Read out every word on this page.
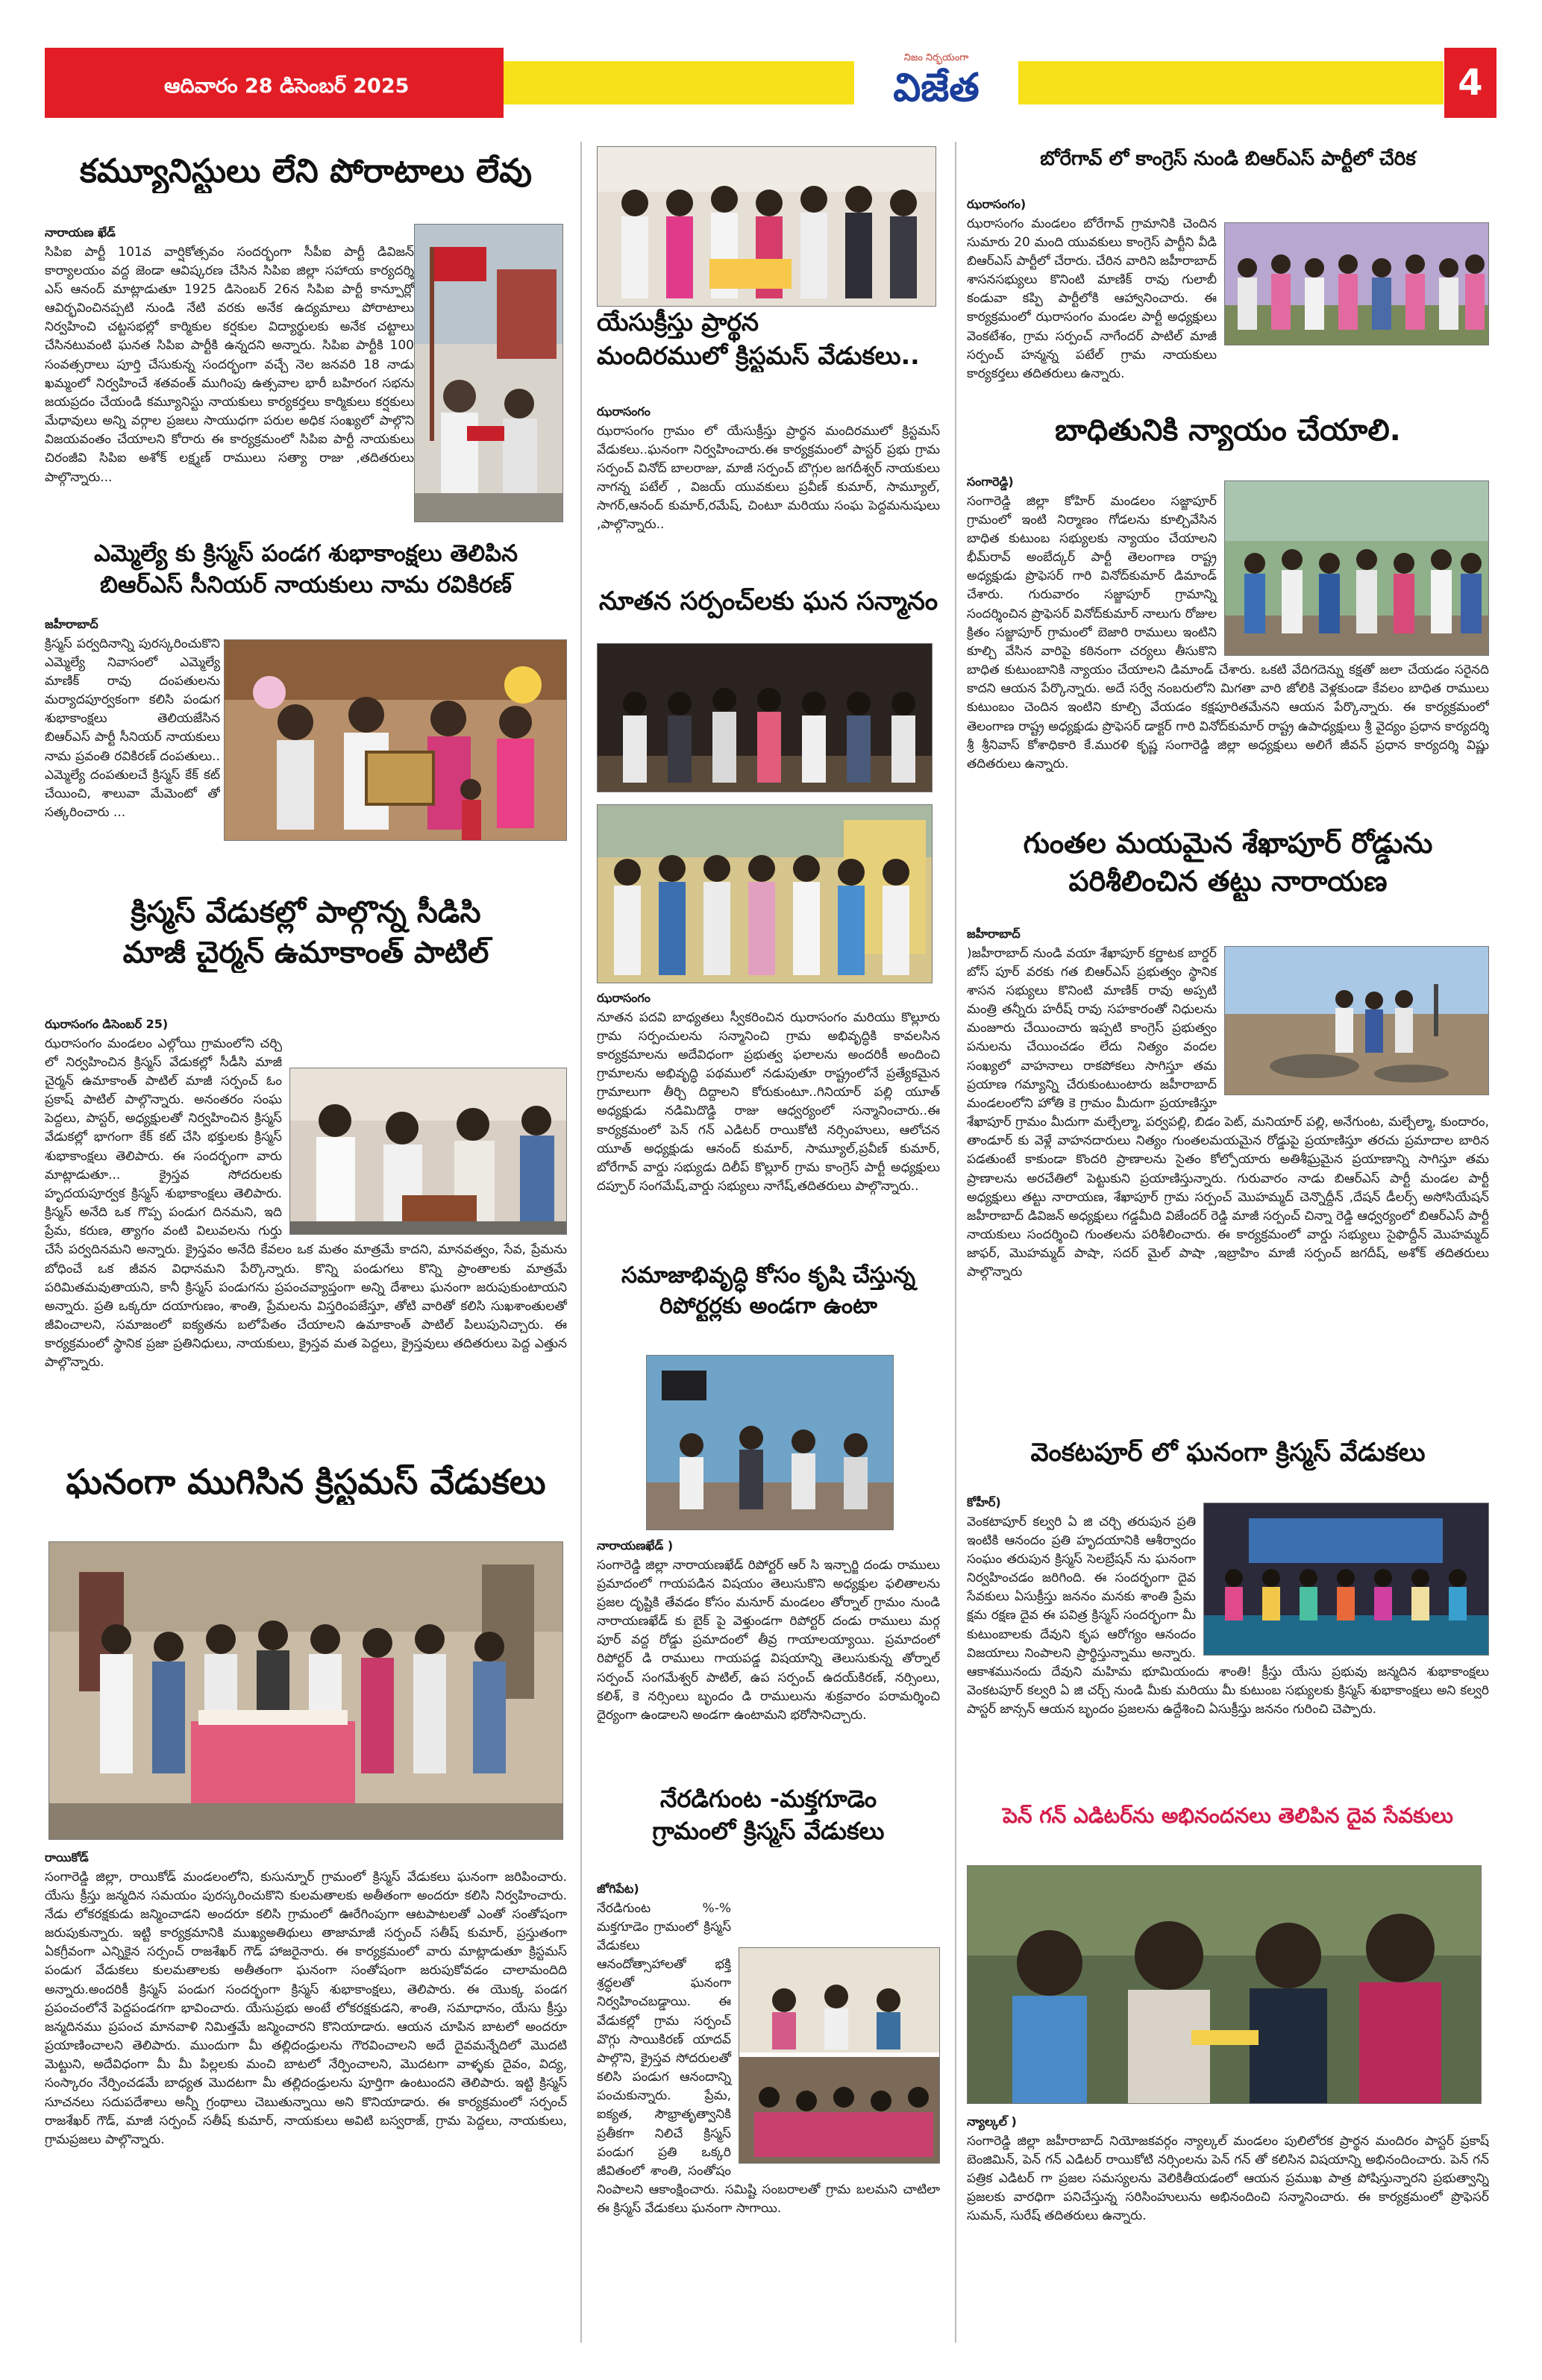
ఆదివారం 28 డిసెంబర్ 2025
నిజం నిర్భయంగా
విజేత	4
కమ్యూనిస్టులు లేని పోరాటాలు లేవు
నారాయణ ఖేడ్
సిపిఐ పార్టీ 101వ వార్షికోత్సవం సందర్భంగా సీపీఐ పార్టీ డివిజన్ కార్యాలయం వద్ద జెండా ఆవిష్కరణ చేసిన సిపిఐ జిల్లా సహాయ కార్యదర్శి ఎస్ ఆనంద్ మాట్లాడుతూ 1925 డిసెంబర్ 26న సిపిఐ పార్టీ కాన్పూర్లో ఆవిర్భవించినప్పటి నుండి నేటి వరకు అనేక ఉద్యమాలు పోరాటాలు నిర్వహించి చట్టసభల్లో కార్మికుల కర్షకుల విద్యార్థులకు అనేక చట్టాలు చేసినటువంటి ఘనత సిపిఐ పార్టీకి ఉన్నదని అన్నారు. సిపిఐ పార్టీకి 100 సంవత్సరాలు పూర్తి చేసుకున్న సందర్భంగా వచ్చే నెల జనవరి 18 నాడు ఖమ్మంలో నిర్వహించే శతవంత్ ముగింపు ఉత్సవాల భారీ బహిరంగ సభను జయప్రదం చేయండి కమ్యూనిస్టు నాయకులు కార్యకర్తలు కార్మికులు కర్షకులు మేధావులు అన్ని వర్గాల ప్రజలు సాయుధగా పరుల అధిక సంఖ్యలో పాల్గొని విజయవంతం చేయాలని కోరారు ఈ కార్యక్రమంలో సిపిఐ పార్టీ నాయకులు చిరంజీవి సిపిఐ అశోక్ లక్ష్మణ్ రాములు సత్యా రాజు ,తదితరులు పాల్గొన్నారు...
ఎమ్మెల్యే కు క్రిస్మస్ పండగ శుభాకాంక్షలు తెలిపిన
బిఆర్ఎస్ సీనియర్ నాయకులు నామ రవికిరణ్
జహీరాబాద్
క్రిస్మస్ పర్వదినాన్ని పురస్కరించుకొని ఎమ్మెల్యే నివాసంలో ఎమ్మెల్యే మాణిక్ రావు దంపతులను మర్యాదపూర్వకంగా కలిసి పండుగ శుభాకాంక్షలు తెలియజేసిన బిఆర్ఎస్ పార్టీ సీనియర్ నాయకులు నామ ప్రవంతి రవికిరణ్ దంపతులు.. ఎమ్మెల్యే దంపతులచే క్రిస్మస్ కేక్ కట్ చేయించి, శాలువా మేమెంటో తో సత్కరించారు ...
క్రిస్మస్ వేడుకల్లో పాల్గొన్న సీడిసి
మాజీ చైర్మన్ ఉమాకాంత్ పాటిల్
ఝరాసంగం డిసెంబర్ 25)
ఝరాసంగం మండలం ఎల్గోయి గ్రామంలోని చర్చి లో నిర్వహించిన క్రిస్మస్ వేడుకల్లో సీడీసి మాజీ చైర్మన్ ఉమాకాంత్ పాటిల్ మాజీ సర్పంచ్ ఓం ప్రకాష్ పాటిల్ పాల్గొన్నారు. అనంతరం సంఘ పెద్దలు, పాస్టర్, అధ్యక్షులతో నిర్వహించిన క్రిస్మస్ వేడుకల్లో భాగంగా కేక్ కట్ చేసి భక్తులకు క్రిస్మస్ శుభాకాంక్షలు తెలిపారు. ఈ సందర్భంగా వారు మాట్లాడుతూ... క్రైస్తవ సోదరులకు హృదయపూర్వక క్రిస్మస్ శుభాకాంక్షలు తెలిపారు. క్రిస్మస్ అనేది ఒక గొప్ప పండుగ దినమని, ఇది ప్రేమ, కరుణ, త్యాగం వంటి విలువలను గుర్తు చేసే పర్వదినమని అన్నారు. క్రైస్తవం అనేది కేవలం ఒక మతం మాత్రమే కాదని, మానవత్వం, సేవ, ప్రేమను బోధించే ఒక జీవన విధానమని పేర్కొన్నారు. కొన్ని పండుగలు కొన్ని ప్రాంతాలకు మాత్రమే పరిమితమవుతాయని, కానీ క్రిస్మస్ పండుగను ప్రపంచవ్యాప్తంగా అన్ని దేశాలు ఘనంగా జరుపుకుంటాయని అన్నారు. ప్రతి ఒక్కరూ దయాగుణం, శాంతి, ప్రేమలను విస్తరింపజేస్తూ, తోటి వారితో కలిసి సుఖశాంతులతో జీవించాలని, సమాజంలో ఐక్యతను బలోపేతం చేయాలని ఉమాకాంత్ పాటిల్ పిలుపునిచ్చారు. ఈ కార్యక్రమంలో స్థానిక ప్రజా ప్రతినిధులు, నాయకులు, క్రైస్తవ మత పెద్దలు, క్రైస్తవులు తదితరులు పెద్ద ఎత్తున పాల్గొన్నారు.
ఘనంగా ముగిసిన క్రిస్టమస్ వేడుకలు
రాయికోడ్
సంగారెడ్డి జిల్లా, రాయికోడ్ మండలంలోని, కుసున్నూర్ గ్రామంలో క్రిస్మస్ వేడుకలు ఘనంగా జరిపించారు. యేసు క్రీస్తు జన్మదిన సమయం పురస్కరించుకొని కులమతాలకు అతీతంగా అందరూ కలిసి నిర్వహించారు. నేడు లోకరక్షకుడు జన్మించాడని అందరూ కలిసి గ్రామంలో ఊరేగింపుగా ఆటపాటలతో ఎంతో సంతోషంగా జరుపుకున్నారు. ఇట్టి కార్యక్రమానికి ముఖ్యఅతిథులు తాజామాజీ సర్పంచ్ సతీష్ కుమార్, ప్రస్తుతంగా ఏకగ్రీవంగా ఎన్నికైన సర్పంచ్ రాజశేఖర్ గౌడ్ హాజరైనారు. ఈ కార్యక్రమంలో వారు మాట్లాడుతూ క్రిస్టమస్ పండుగ వేడుకలు కులమతాలకు అతీతంగా ఘనంగా సంతోషంగా జరుపుకోవడం చాలామందిది అన్నారు.అందరికీ క్రిస్మస్ పండుగ సందర్భంగా క్రిస్మస్ శుభాకాంక్షలు, తెలిపారు. ఈ యొక్క పండగ ప్రపంచంలోనే పెద్దపండగగా భావించారు. యేసుప్రభు అంటే లోకరక్షకుడని, శాంతి, సమాధానం, యేసు క్రీస్తు జన్మదినము ప్రపంచ మానవాళి నిమిత్తమే జన్మించారని కొనియాడారు. ఆయన చూపిన బాటలో అందరూ ప్రయాణించాలని తెలిపారు. ముందుగా మీ తల్లిదండ్రులను గౌరవించాలని అదే దైవమన్నేదిలో మొదటి మెట్టుని, అదేవిధంగా మీ మీ పిల్లలకు మంచి బాటలో నేర్పించాలని, మొదటగా వాళ్ళకు దైవం, విద్య, సంస్కారం నేర్పించడమే బాధ్యత మొదటగా మీ తల్లిదండ్రులను పూర్తిగా ఉంటుందని తెలిపారు. ఇట్టి క్రిస్మస్ సూచనలు సదుపదేశాలు అన్నీ గ్రంథాలు చెబుతున్నాయి అని కొనియాడారు. ఈ కార్యక్రమంలో సర్పంచ్ రాజశేఖర్ గౌడ్, మాజీ సర్పంచ్ సతీష్ కుమార్, నాయకులు అవిటి బస్వరాజ్, గ్రామ పెద్దలు, నాయకులు, గ్రామప్రజలు పాల్గొన్నారు.
యేసుక్రీస్తు ప్రార్థన
మందిరములో క్రిస్టమస్ వేడుకలు..
ఝరాసంగం
ఝరాసంగం గ్రామం లో యేసుక్రీస్తు ప్రార్థన మందిరములో క్రిస్టమస్ వేడుకలు..ఘనంగా నిర్వహించారు.ఈ కార్యక్రమంలో పాస్టర్ ప్రభు గ్రామ సర్పంచ్ వినోద్ బాలరాజు, మాజీ సర్పంచ్ బొగ్గుల జగదీశ్వర్ నాయకులు నాగన్న పటేల్ , విజయ్ యువకులు ప్రవీణ్ కుమార్, సామ్యూల్, సాగర్,ఆనంద్ కుమార్,రమేష్, చింటూ మరియు సంఘ పెద్దమనుషులు ,పాల్గొన్నారు..
నూతన సర్పంచ్‌లకు ఘన సన్మానం
ఝరాసంగం
నూతన పదవి బాధ్యతలు స్వీకరించిన ఝరాసంగం మరియు కొల్లూరు గ్రామ సర్పంచులను సన్మానించి గ్రామ అభివృద్ధికి కావలసిన కార్యక్రమాలను అదేవిధంగా ప్రభుత్వ ఫలాలను అందరికీ అందించి గ్రామాలను అభివృద్ధి పథములో నడుపుతూ రాష్ట్రంలోనే ప్రత్యేకమైన గ్రామాలుగా తీర్చి దిద్దాలని కోరుకుంటూ..గినియార్ పల్లి యూత్ అధ్యక్షుడు నడిమిదొడ్డి రాజు ఆధ్వర్యంలో సన్మానించారు..ఈ కార్యక్రమంలో పెన్ గన్ ఎడిటర్ రాయికోటి నర్సింహులు, ఆలోచన యూత్ అధ్యక్షుడు ఆనంద్ కుమార్, సామ్యూల్,ప్రవీణ్ కుమార్, బోరేగావ్ వార్డు సభ్యుడు దిలీప్ కొల్లూర్ గ్రామ కాంగ్రెస్ పార్టీ అధ్యక్షులు దప్పూర్ సంగమేష్,వార్డు సభ్యులు నాగేష్,తదితరులు పాల్గొన్నారు..
సమాజాభివృద్ధి కోసం కృషి చేస్తున్న
రిపోర్టర్లకు అండగా ఉంటా
నారాయణఖేడ్ )
సంగారెడ్డి జిల్లా నారాయణఖేడ్ రిపోర్టర్ ఆర్ సి ఇన్చార్జి దండు రాములు ప్రమాదంలో గాయపడిన విషయం తెలుసుకొని అధ్యక్షుల ఫలితాలను ప్రజల దృష్టికి తేవడం కోసం మనూర్ మండలం తోర్నాల్ గ్రామం నుండి నారాయణఖేడ్ కు బైక్ పై వెళ్తుండగా రిపోర్టర్ దండు రాములు మర్గ పూర్ వద్ద రోడ్డు ప్రమాదంలో తీవ్ర గాయాలయ్యాయి. ప్రమాదంలో రిపోర్టర్ డి రాములు గాయపడ్డ విషయాన్ని తెలుసుకున్న తోర్నాల్ సర్పంచ్ సంగమేశ్వర్ పాటిల్, ఉప సర్పంచ్ ఉదయ్‌కిరణ్, నర్సింలు, కలిశ్, కె నర్సింలు బృందం డి రాములును శుక్రవారం పరామర్శించి దైర్యంగా ఉండాలని అండగా ఉంటామని భరోసానిచ్చారు.
నేరడిగుంట -మక్తగూడెం
గ్రామంలో క్రిస్మస్ వేడుకలు
జోగిపేట)
నేరడిగుంట %-% మక్తగూడెం గ్రామంలో క్రిస్మస్ వేడుకలు ఆనందోత్సాహాలతో భక్తి శ్రద్ధలతో ఘనంగా నిర్వహించబడ్డాయి. ఈ వేడుకల్లో గ్రామ సర్పంచ్ వొగ్గు సాయికిరణ్ యాదవ్ పాల్గొని, క్రైస్తవ సోదరులతో కలిసి పండుగ ఆనందాన్ని పంచుకున్నారు. ప్రేమ, ఐక్యత, సౌభ్రాతృత్వానికి ప్రతీకగా నిలిచే క్రిస్మస్ పండుగ ప్రతి ఒక్కరి జీవితంలో శాంతి, సంతోషం నింపాలని ఆకాంక్షించారు. సమిష్టి సంబరాలతో గ్రామ బలమని చాటిలా ఈ క్రిస్మస్ వేడుకలు ఘనంగా సాగాయి.
బోరేగావ్ లో కాంగ్రెస్ నుండి బిఆర్ఎస్ పార్టీలో చేరిక
ఝరాసంగం)
ఝరాసంగం మండలం బోరేగావ్ గ్రామానికి చెందిన సుమారు 20 మంది యువకులు కాంగ్రెస్ పార్టీని వీడి బిఆర్ఎస్ పార్టీలో చేరారు. చేరిన వారిని జహీరాబాద్ శాసనసభ్యులు కొనింటి మాణిక్ రావు గులాబీ కండువా కప్పి పార్టీలోకి ఆహ్వానించారు. ఈ కార్యక్రమంలో ఝరాసంగం మండల పార్టీ అధ్యక్షులు వెంకటేశం, గ్రామ సర్పంచ్ నాగేందర్ పాటిల్ మాజీ సర్పంచ్ హన్మన్న పటేల్ గ్రామ నాయకులు కార్యకర్తలు తదితరులు ఉన్నారు.
బాధితునికి న్యాయం చేయాలి.
సంగారెడ్డి)
సంగారెడ్డి జిల్లా కోహిర్ మండలం సజ్జాపూర్ గ్రామంలో ఇంటి నిర్మాణం గోడలను కూల్చివేసిన బాధిత కుటుంబ సభ్యులకు న్యాయం చేయాలని భీమ్‌రావ్ అంబేద్కర్ పార్టీ తెలంగాణ రాష్ట్ర అధ్యక్షుడు ప్రొఫెసర్ గారి వినోద్‌కుమార్ డిమాండ్ చేశారు. గురువారం సజ్జాపూర్ గ్రామాన్ని సందర్శించిన ప్రొఫెసర్ వినోద్‌కుమార్ నాలుగు రోజుల క్రితం సజ్జాపూర్ గ్రామంలో బెజారి రాములు ఇంటిని కూల్చి వేసిన వారిపై కఠినంగా చర్యలు తీసుకొని బాధిత కుటుంబానికి న్యాయం చేయాలని డిమాండ్ చేశారు. ఒకటి వేదిగదెన్ను కక్షతో జలా చేయడం సరైనది కాదని ఆయన పేర్కొన్నారు. అదే సర్వే నంబరులోని మిగతా వారి జోలికి వెళ్లకుండా కేవలం బాధిత రాములు కుటుంబం చెందిన ఇంటిని కూల్చి వేయడం కక్షపూరితమేనని ఆయన పేర్కొన్నారు. ఈ కార్యక్రమంలో తెలంగాణ రాష్ట్ర అధ్యక్షుడు ప్రొఫెసర్ డాక్టర్ గారి వినోద్‌కుమార్ రాష్ట్ర ఉపాధ్యక్షులు శ్రీ వైద్యం ప్రధాన కార్యదర్శి శ్రీ శ్రీనివాస్ కోశాధికారి కే.మురళి కృష్ణ సంగారెడ్డి జిల్లా అధ్యక్షులు అలిగే జీవన్ ప్రధాన కార్యదర్శి విష్ణు తదితరులు ఉన్నారు.
గుంతల మయమైన శేఖాపూర్ రోడ్డును
పరిశీలించిన తట్టు నారాయణ
జహీరాబాద్
)జహీరాబాద్ నుండి వయా శేఖాపూర్ కర్ణాటక బార్డర్ బోస్ పూర్ వరకు గత బిఆర్ఎస్ ప్రభుత్వం స్థానిక శాసన సభ్యులు కొనింటి మాణిక్ రావు అప్పటి మంత్రి తన్నీరు హరీష్ రావు సహకారంతో నిధులను మంజూరు చేయించారు ఇప్పటి కాంగ్రెస్ ప్రభుత్వం పనులను చేయించడం లేదు నిత్యం వందల సంఖ్యలో వాహనాలు రాకపోకలు సాగిస్తూ తమ ప్రయాణ గమ్యాన్ని చేరుకుంటుంటారు జహీరాబాద్ మండలంలోని హోతి కె గ్రామం మీదుగా ప్రయాణిస్తూ శేఖాపూర్ గ్రామం మీదుగా మల్చేల్మా, పర్వపల్లి, బిడం పెట్, మనియార్ పల్లి, అనేగుంట, మల్చేల్మా, కుందారం, తాండూర్ కు వెళ్లే వాహనదారులు నిత్యం గుంతలమయమైన రోడ్డుపై ప్రయాణిస్తూ తరచు ప్రమాదాల బారిన పడతుంటే కాకుండా కొందరి ప్రాణాలను సైతం కోల్పోయారు అతిశీఘ్రమైన ప్రయాణాన్ని సాగిస్తూ తమ ప్రాణాలను అరచేతిలో పెట్టుకుని ప్రయాణిస్తున్నారు. గురువారం నాడు బిఆర్ఎస్ పార్టీ మండల పార్టీ అధ్యక్షులు తట్టు నారాయణ, శేఖాపూర్ గ్రామ సర్పంచ్ మొహమ్మద్ చెన్నొద్దీన్ ,దేషన్ డీలర్స్ అసోసియేషన్ జహీరాబాద్ డివిజన్ అధ్యక్షులు గడ్డమీది విజేందర్ రెడ్డి మాజీ సర్పంచ్ చిన్నా రెడ్డి ఆధ్వర్యంలో బిఆర్ఎస్ పార్టీ నాయకులు సందర్శించి గుంతలను పరిశీలించారు. ఈ కార్యక్రమంలో వార్డు సభ్యులు సైఫొద్దీన్ మొహమ్మద్ జాఫర్, మొహమ్మద్ పాషా, సదర్ మైల్ పాషా ,ఇబ్రాహిం మాజీ సర్పంచ్ జగదీష్, అశోక్ తదితరులు పాల్గొన్నారు
వెంకటపూర్ లో ఘనంగా క్రిస్మస్ వేడుకలు
కోహీర్)
వెంకటాపూర్ కల్వరి ఏ జి చర్చి తరుపున ప్రతి ఇంటికి ఆనందం ప్రతి హృదయానికి ఆశీర్వాదం సంఘం తరుపున క్రిస్మస్ సెలబ్రేషన్ ను ఘనంగా నిర్వహించడం జరిగింది. ఈ సందర్భంగా దైవ సేవకులు ఏసుక్రీస్తు జననం మనకు శాంతి ప్రేమ క్షమ రక్షణ దైవ ఈ పవిత్ర క్రిస్మస్ సందర్భంగా మీ కుటుంబాలకు దేవుని కృప ఆరోగ్యం ఆనందం విజయాలు నింపాలని ప్రార్థిస్తున్నాము అన్నారు. ఆకాశమునందు దేవుని మహిమ భూమియందు శాంతి! క్రీస్తు యేసు ప్రభువు జన్మదిన శుభాకాంక్షలు వెంకటపూర్ కల్వరి ఏ జి చర్చ్ నుండి మీకు మరియు మీ కుటుంబ సభ్యులకు క్రిస్మస్ శుభాకాంక్షలు అని కల్వరి పాస్టర్ జాన్సన్ ఆయన బృందం ప్రజలను ఉద్దేశించి ఏసుక్రీస్తు జననం గురించి చెప్పారు.
పెన్ గన్ ఎడిటర్‌ను అభినందనలు తెలిపిన దైవ సేవకులు
న్యాల్కల్ )
సంగారెడ్డి జిల్లా జహీరాబాద్ నియోజకవర్గం న్యాల్కల్ మండలం పులిలోరక ప్రార్థన మందిరం పాస్టర్ ప్రకాష్ బెంజిమిన్, పెన్ గన్ ఎడిటర్ రాయికోటి నర్సింలను పెన్ గన్ తో కలిసిన విషయాన్ని అభినందించారు. పెన్ గన్ పత్రిక ఎడిటర్ గా ప్రజల సమస్యలను వెలికితీయడంలో ఆయన ప్రముఖ పాత్ర పోషిస్తున్నారని ప్రభుత్వాన్ని ప్రజలకు వారధిగా పనిచేస్తున్న సరిసింహులును అభినందించి సన్మానించారు. ఈ కార్యక్రమంలో ప్రొఫెసర్ సుమన్, సురేష్ తదితరులు ఉన్నారు.
